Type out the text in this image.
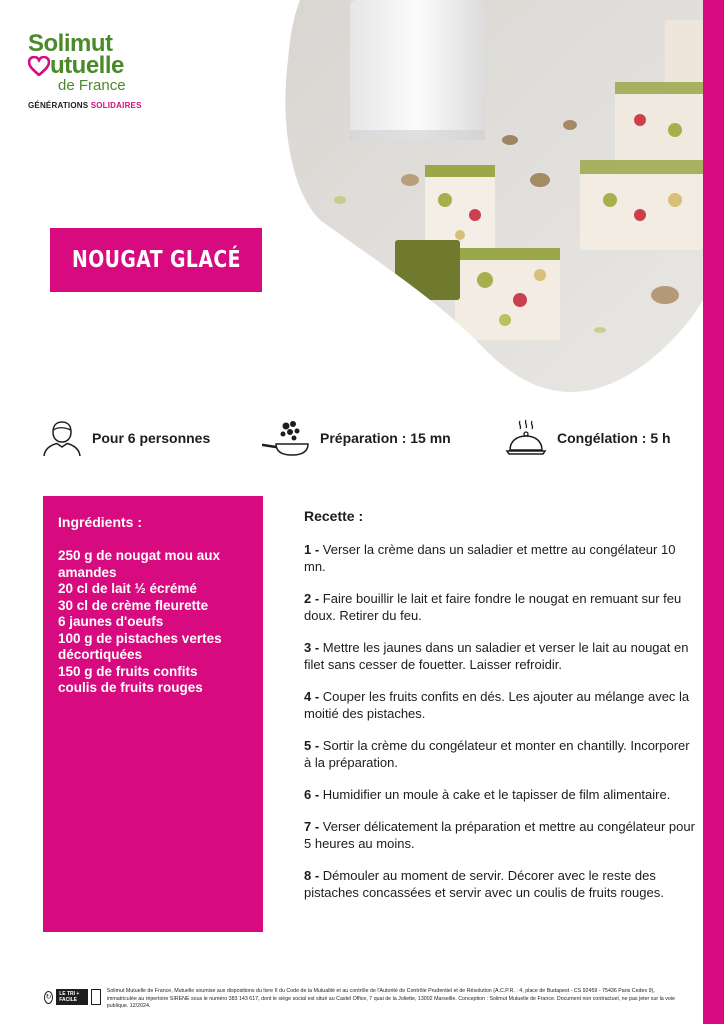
Solimut
utuelle
de France
GÉNÉRATIONS SOLIDAIRES
NOUGAT GLACÉ
Pour 6 personnes	Préparation : 15 mn	Congélation : 5 h
Ingrédients :
250 g de nougat mou aux amandes
20 cl de lait ½ écrémé
30 cl de crème fleurette
6 jaunes d'oeufs
100 g de pistaches vertes décortiquées
150 g de fruits confits
coulis de fruits rouges
Recette :

1 - Verser la crème dans un saladier et mettre au congélateur 10 mn.

2 - Faire bouillir le lait et faire fondre le nougat en remuant sur feu doux. Retirer du feu.

3 - Mettre les jaunes dans un saladier et verser le lait au nougat en filet sans cesser de fouetter. Laisser refroidir.

4 - Couper les fruits confits en dés. Les ajouter au mélange avec la moitié des pistaches.

5 - Sortir la crème du congélateur et monter en chantilly. Incorporer à la préparation.

6 - Humidifier un moule à cake et le tapisser de film alimentaire.

7 - Verser délicatement la préparation et mettre au congélateur pour 5 heures au moins.

8 - Démouler au moment de servir. Décorer avec le reste des pistaches concassées et servir avec un coulis de fruits rouges.

↻	LE TRI + FACILE

Solimut Mutuelle de France, Mutuelle soumise aux dispositions du livre II du Code de la Mutualité et au contrôle de l'Autorité de Contrôle Prudentiel et de Résolution (A.C.P.R. : 4, place de Budapest - CS 92459 - 75436 Paris Cedex 9), immatriculée au répertoire SIRENE sous le numéro 383 143 617, dont le siège social est situé au Castel Office, 7 quai de la Joliette, 13002 Marseille. Conception : Solimut Mutuelle de France. Document non contractuel, ne pas jeter sur la voie publique. 12/2024.
